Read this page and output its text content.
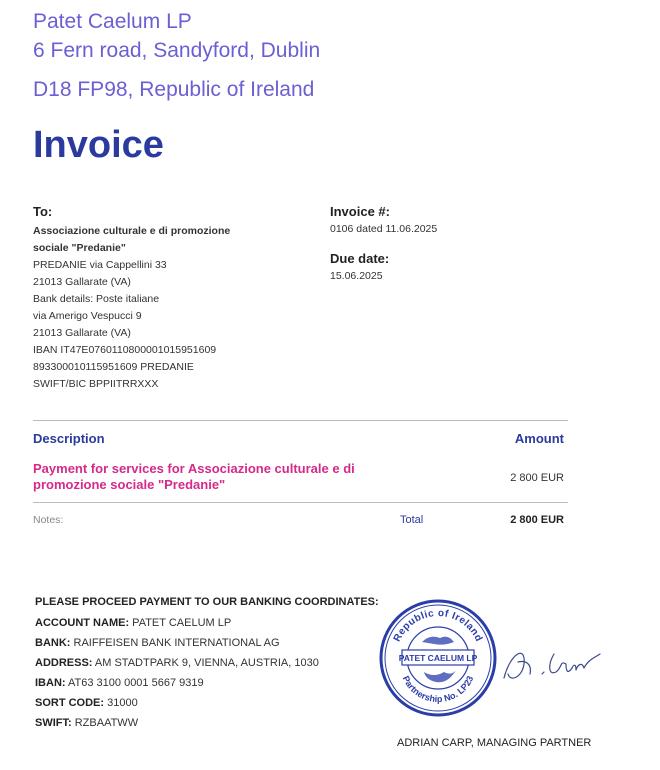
Patet Caelum LP
6 Fern road, Sandyford, Dublin
D18 FP98, Republic of Ireland
Invoice
To:
Associazione culturale e di promozione
sociale "Predanie"
PREDANIE via Cappellini 33
21013 Gallarate (VA)
Bank details: Poste italiane
via Amerigo Vespucci 9
21013 Gallarate (VA)
IBAN IT47E0760110800001015951609
893300010115951609 PREDANIE
SWIFT/BIC BPPIITRRXXX
Invoice #:
0106 dated 11.06.2025
Due date:
15.06.2025
Description	Amount
Payment for services for Associazione culturale e di
promozione sociale "Predanie"	2 800 EUR
Notes:	Total	2 800 EUR
PLEASE PROCEED PAYMENT TO OUR BANKING COORDINATES:
ACCOUNT NAME: PATET CAELUM LP
BANK: RAIFFEISEN BANK INTERNATIONAL AG
ADDRESS: AM STADTPARK 9, VIENNA, AUSTRIA, 1030
IBAN: AT63 3100 0001 5667 9319
SORT CODE: 31000
SWIFT: RZBAATWW
Republic of Ireland
Partnership No. LP23
PATET CAELUM LP
ADRIAN CARP, MANAGING PARTNER
